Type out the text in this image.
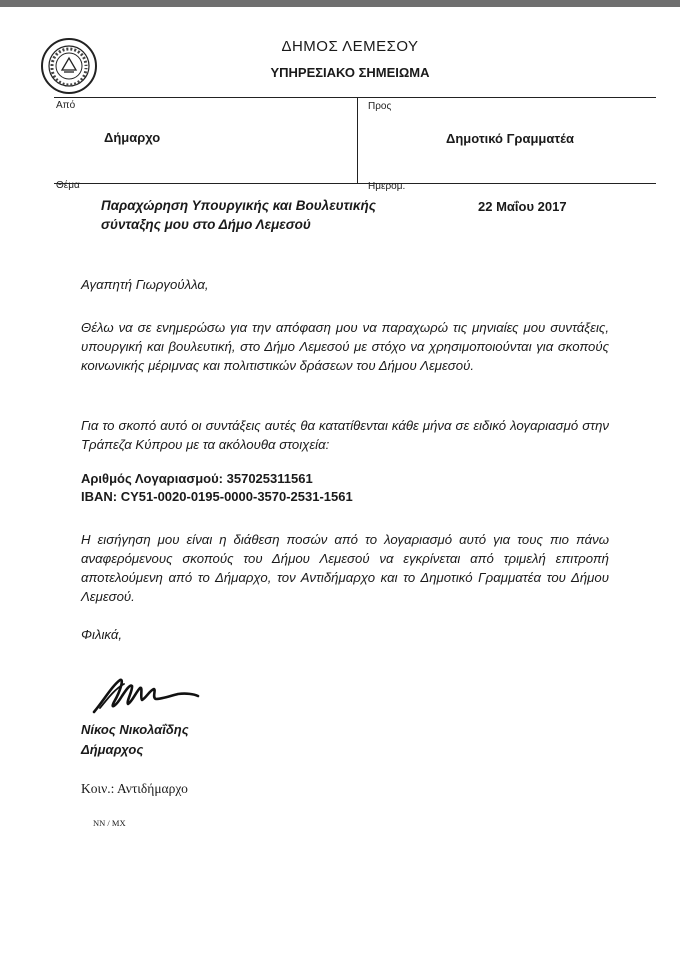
ΔΗΜΟΣ ΛΕΜΕΣΟΥ
ΥΠΗΡΕΣΙΑΚΟ ΣΗΜΕΙΩΜΑ
Από
Δήμαρχο
Προς
Δημοτικό Γραμματέα
Θέμα	Ημερομ.
Παραχώρηση Υπουργικής και Βουλευτικής
σύνταξης μου στο Δήμο Λεμεσού
22 Μαΐου 2017
Αγαπητή Γιωργούλλα,
Θέλω να σε ενημερώσω για την απόφαση μου να παραχωρώ τις μηνιαίες μου συντάξεις, υπουργική και βουλευτική, στο Δήμο Λεμεσού με στόχο να χρησιμοποιούνται για σκοπούς κοινωνικής μέριμνας και πολιτιστικών δράσεων του Δήμου Λεμεσού.
Για το σκοπό αυτό οι συντάξεις αυτές θα κατατίθενται κάθε μήνα σε ειδικό λογαριασμό στην Τράπεζα Κύπρου με τα ακόλουθα στοιχεία:
Αριθμός Λογαριασμού: 357025311561
IBAN: CY51-0020-0195-0000-3570-2531-1561
Η εισήγηση μου είναι η διάθεση ποσών από το λογαριασμό αυτό για τους πιο πάνω αναφερόμενους σκοπούς του Δήμου Λεμεσού να εγκρίνεται από τριμελή επιτροπή αποτελούμενη από το Δήμαρχο, τον Αντιδήμαρχο και το Δημοτικό Γραμματέα του Δήμου Λεμεσού.
Φιλικά,
Νίκος Νικολαΐδης
Δήμαρχος
Κοιν.: Αντιδήμαρχο
ΝΝ / ΜΧ
